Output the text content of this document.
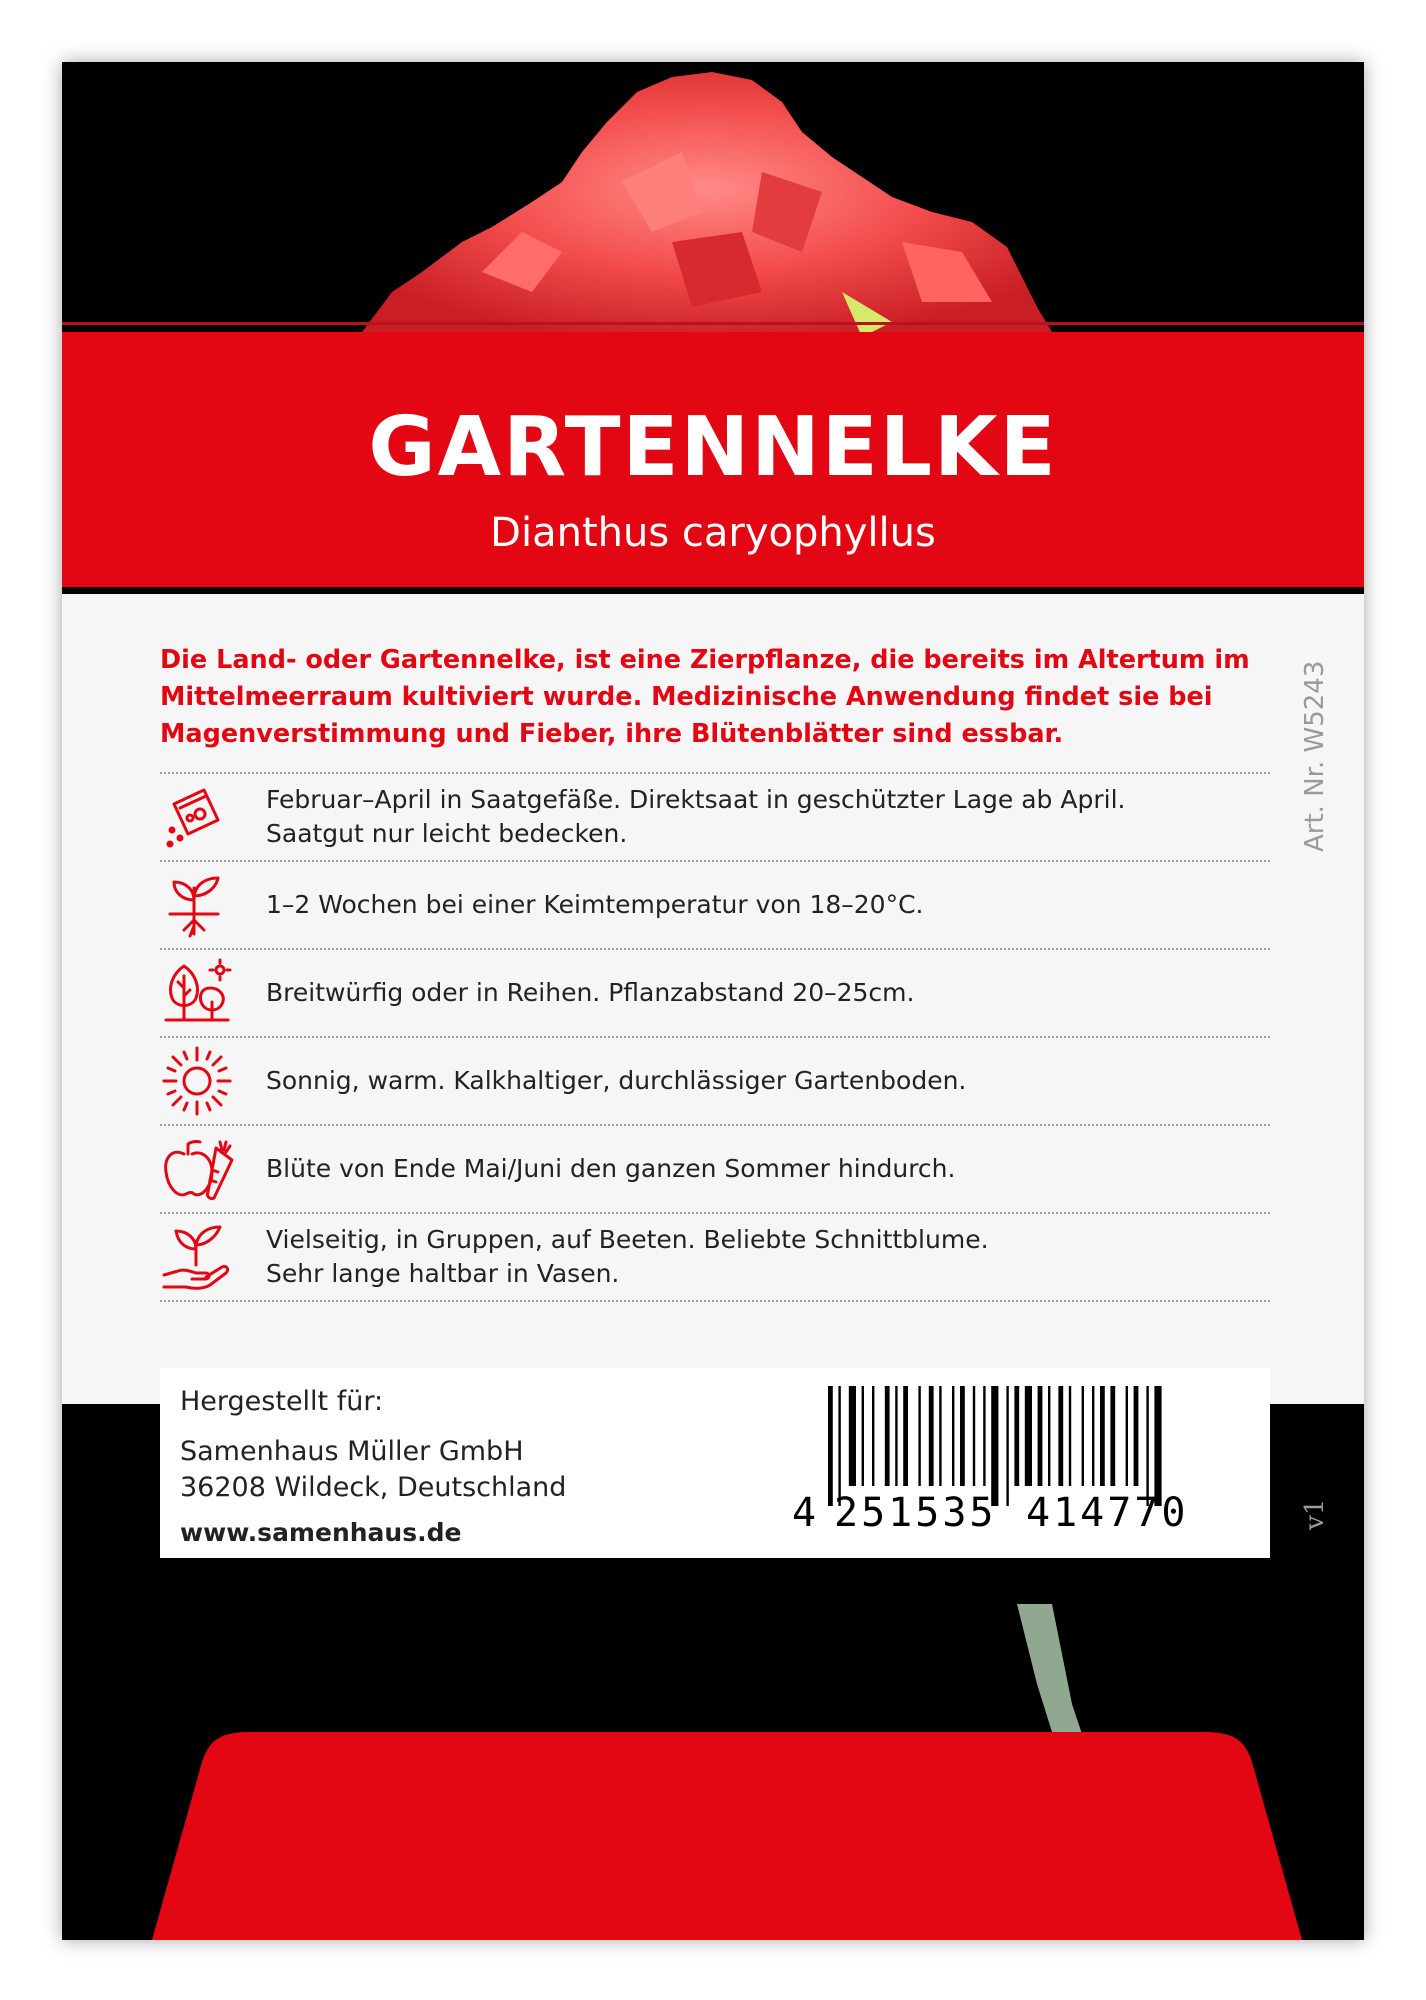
GARTENNELKE
Dianthus caryophyllus
Die Land- oder Gartennelke, ist eine Zierpflanze, die bereits im Altertum im Mittelmeerraum kultiviert wurde. Medizinische Anwendung findet sie bei Magenverstimmung und Fieber, ihre Blütenblätter sind essbar.
Februar–April in Saatgefäße. Direktsaat in geschützter Lage ab April.
Saatgut nur leicht bedecken.
1–2 Wochen bei einer Keimtemperatur von 18–20°C.
Breitwürfig oder in Reihen. Pflanzabstand 20–25cm.
Sonnig, warm. Kalkhaltiger, durchlässiger Gartenboden.
Blüte von Ende Mai/Juni den ganzen Sommer hindurch.
Vielseitig, in Gruppen, auf Beeten. Beliebte Schnittblume.
Sehr lange haltbar in Vasen.
Art. Nr. W5243
Hergestellt für:
Samenhaus Müller GmbH
36208 Wildeck, Deutschland
www.samenhaus.de	4 251535 414770	v1
